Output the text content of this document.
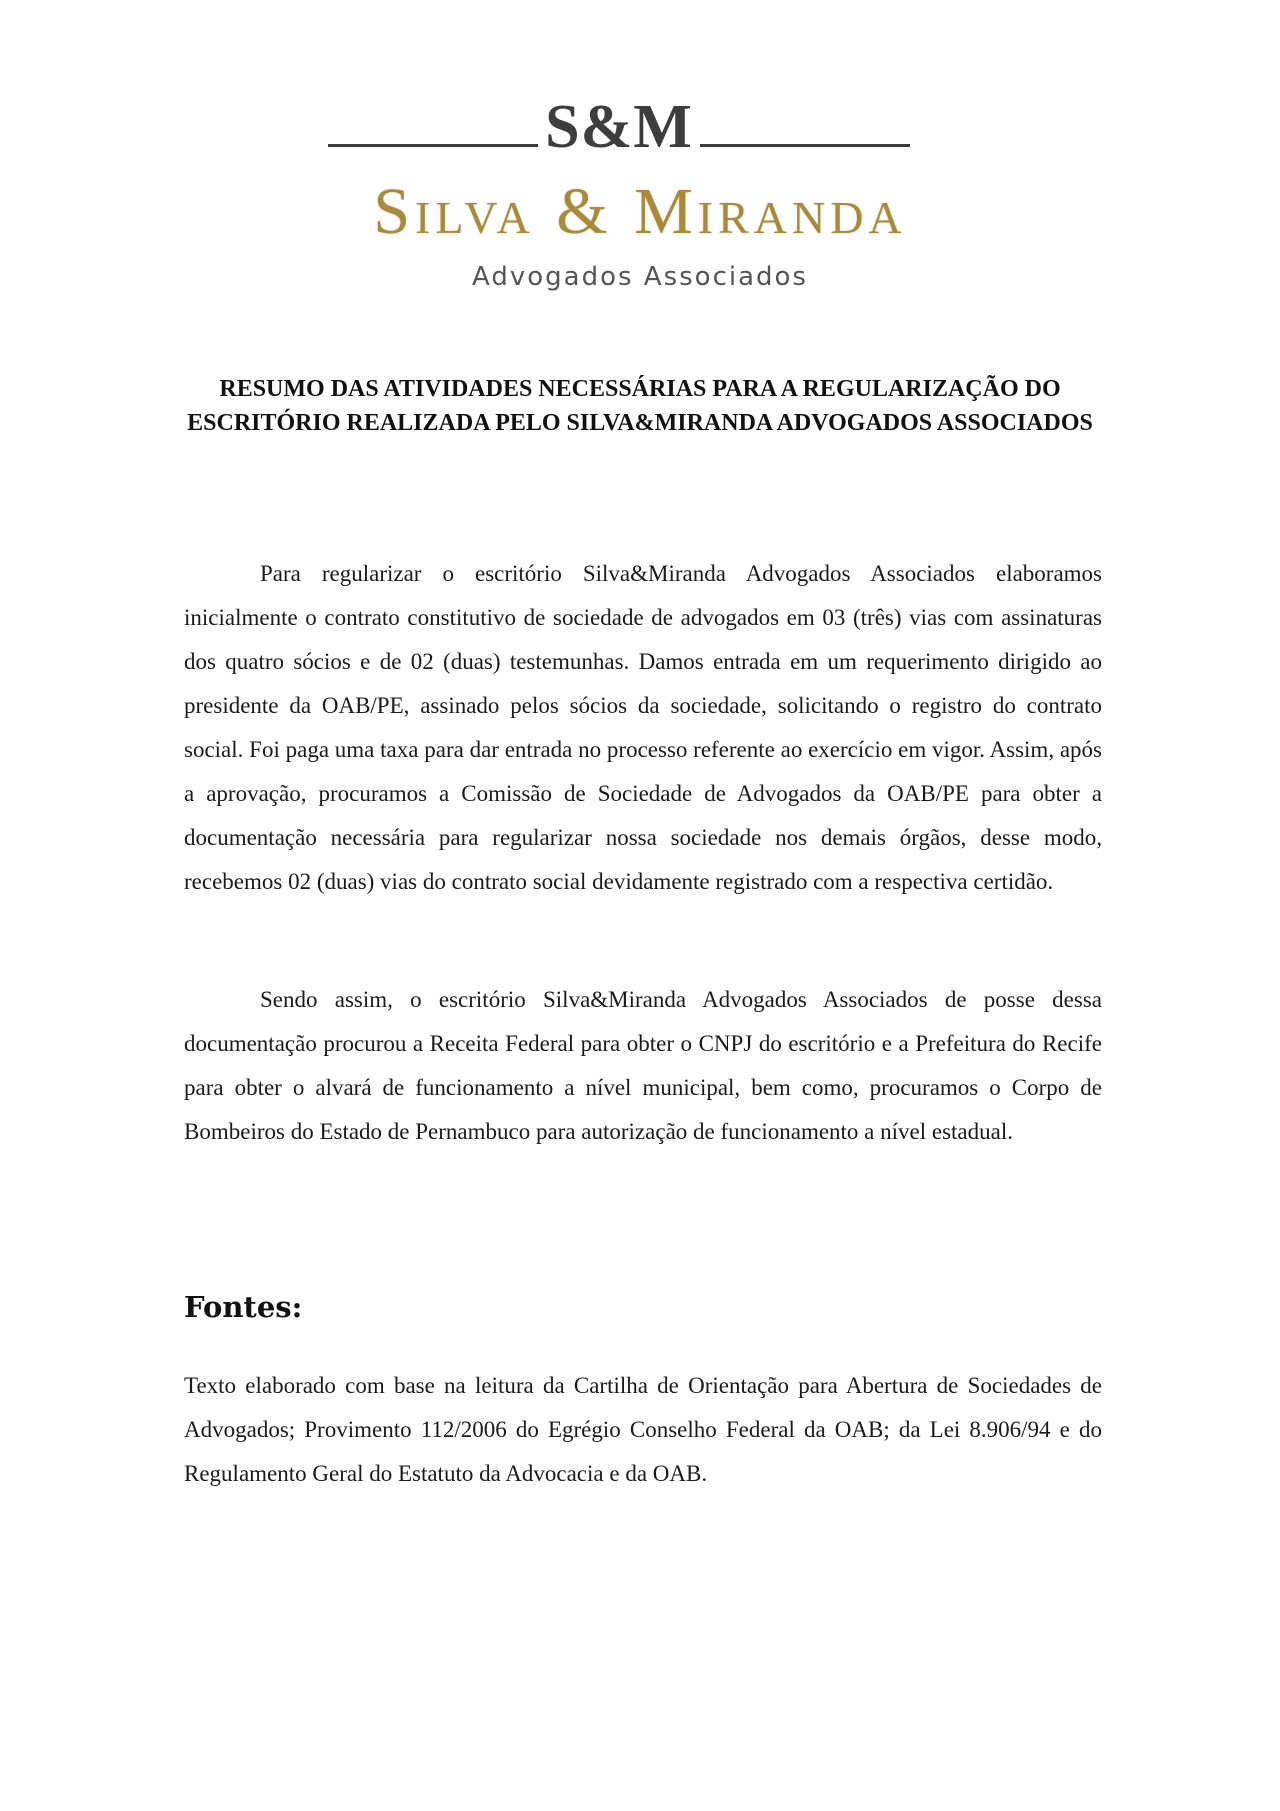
S&M
Silva & Miranda
Advogados Associados
RESUMO DAS ATIVIDADES NECESSÁRIAS PARA A REGULARIZAÇÃO DO ESCRITÓRIO REALIZADA PELO SILVA&MIRANDA ADVOGADOS ASSOCIADOS

Para regularizar o escritório Silva&Miranda Advogados Associados elaboramos inicialmente o contrato constitutivo de sociedade de advogados em 03 (três) vias com assinaturas dos quatro sócios e de 02 (duas) testemunhas. Damos entrada em um requerimento dirigido ao presidente da OAB/PE, assinado pelos sócios da sociedade, solicitando o registro do contrato social. Foi paga uma taxa para dar entrada no processo referente ao exercício em vigor. Assim, após a aprovação, procuramos a Comissão de Sociedade de Advogados da OAB/PE para obter a documentação necessária para regularizar nossa sociedade nos demais órgãos, desse modo, recebemos 02 (duas) vias do contrato social devidamente registrado com a respectiva certidão.

Sendo assim, o escritório Silva&Miranda Advogados Associados de posse dessa documentação procurou a Receita Federal para obter o CNPJ do escritório e a Prefeitura do Recife para obter o alvará de funcionamento a nível municipal, bem como, procuramos o Corpo de Bombeiros do Estado de Pernambuco para autorização de funcionamento a nível estadual.

Fontes:

Texto elaborado com base na leitura da Cartilha de Orientação para Abertura de Sociedades de Advogados; Provimento 112/2006 do Egrégio Conselho Federal da OAB; da Lei 8.906/94 e do Regulamento Geral do Estatuto da Advocacia e da OAB.
